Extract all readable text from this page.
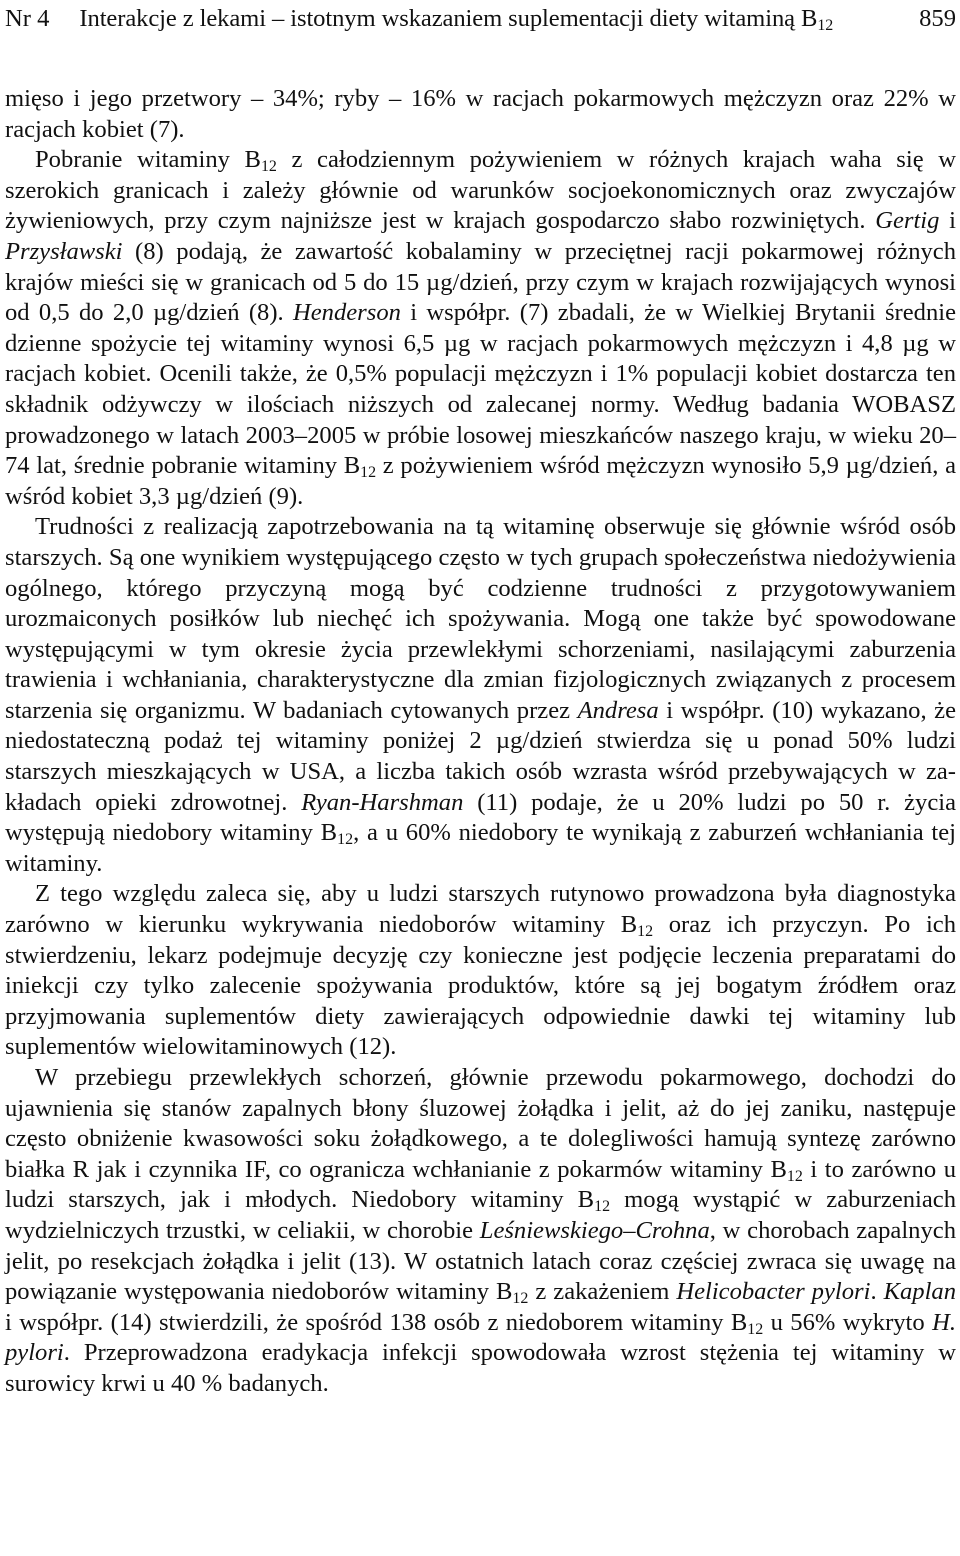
Nr 4 Interakcje z lekami – istotnym wskazaniem suplementacji diety witaminą $B_{12}$	859

mięso i jego przetwory – 34%; ryby – 16% w racjach pokarmowych mężczyzn oraz 22% w racjach kobiet (7).

Pobranie witaminy $B_{12}$ z całodziennym pożywieniem w różnych krajach waha się w szerokich granicach i zależy głównie od warunków socjoekonomicznych oraz zwyczajów żywieniowych, przy czym najniższe jest w krajach gospodarczo słabo rozwiniętych. Gertig i Przysławski (8) podają, że zawartość kobalaminy w przeciętnej racji pokarmowej różnych krajów mieści się w granicach od 5 do 15 µg/dzień, przy czym w krajach rozwijających wynosi od 0,5 do 2,0 µg/dzień (8). Henderson i współpr. (7) zbadali, że w Wielkiej Brytanii średnie dzienne spożycie tej witaminy wynosi 6,5 µg w racjach pokarmowych mężczyzn i 4,8 µg w racjach kobiet. Ocenili także, że 0,5% populacji mężczyzn i 1% populacji kobiet dostarcza ten składnik odżywczy w ilościach niższych od zalecanej normy. Według badania WOBASZ prowadzonego w latach 2003–2005 w próbie losowej mieszkańców naszego kraju, w wieku 20–74 lat, średnie pobranie witaminy $B_{12}$ z pożywieniem wśród mężczyzn wynosiło 5,9 µg/dzień, a wśród kobiet 3,3 µg/dzień (9).

Trudności z realizacją zapotrzebowania na tą witaminę obserwuje się głównie wśród osób starszych. Są one wynikiem występującego często w tych grupach społeczeństwa niedożywienia ogólnego, którego przyczyną mogą być codzienne trudności z przygotowywaniem urozmaiconych posiłków lub niechęć ich spożywania. Mogą one także być spowodowane występującymi w tym okresie życia przewlekłymi schorzeniami, nasilającymi zaburzenia trawienia i wchłaniania, charakterystyczne dla zmian fizjologicznych związanych z procesem starzenia się organizmu. W badaniach cytowanych przez Andresa i współpr. (10) wykazano, że niedostateczną podaż tej witaminy poniżej 2 µg/dzień stwierdza się u ponad 50% ludzi starszych mieszkających w USA, a liczba takich osób wzrasta wśród przebywających w zakładach opieki zdrowotnej. Ryan-Harshman (11) podaje, że u 20% ludzi po 50 r. życia występują niedobory witaminy $B_{12}$, a u 60% niedobory te wynikają z zaburzeń wchłaniania tej witaminy.

Z tego względu zaleca się, aby u ludzi starszych rutynowo prowadzona była diagnostyka zarówno w kierunku wykrywania niedoborów witaminy $B_{12}$ oraz ich przyczyn. Po ich stwierdzeniu, lekarz podejmuje decyzję czy konieczne jest podjęcie leczenia preparatami do iniekcji czy tylko zalecenie spożywania produktów, które są jej bogatym źródłem oraz przyjmowania suplementów diety zawierających odpowiednie dawki tej witaminy lub suplementów wielowitaminowych (12).

W przebiegu przewlekłych schorzeń, głównie przewodu pokarmowego, dochodzi do ujawnienia się stanów zapalnych błony śluzowej żołądka i jelit, aż do jej zaniku, następuje często obniżenie kwasowości soku żołądkowego, a te dolegliwości hamują syntezę zarówno białka R jak i czynnika IF, co ogranicza wchłanianie z pokarmów witaminy $B_{12}$ i to zarówno u ludzi starszych, jak i młodych. Niedobory witaminy $B_{12}$ mogą wystąpić w zaburzeniach wydzielniczych trzustki, w celiakii, w chorobie Leśniewskiego–Crohna, w chorobach zapalnych jelit, po resekcjach żołądka i jelit (13). W ostatnich latach coraz częściej zwraca się uwagę na powiązanie występowania niedoborów witaminy $B_{12}$ z zakażeniem Helicobacter pylori. Kaplan i współpr. (14) stwierdzili, że spośród 138 osób z niedoborem witaminy $B_{12}$ u 56% wykryto H. pylori. Przeprowadzona eradykacja infekcji spowodowała wzrost stężenia tej witaminy w surowicy krwi u 40 % badanych.
